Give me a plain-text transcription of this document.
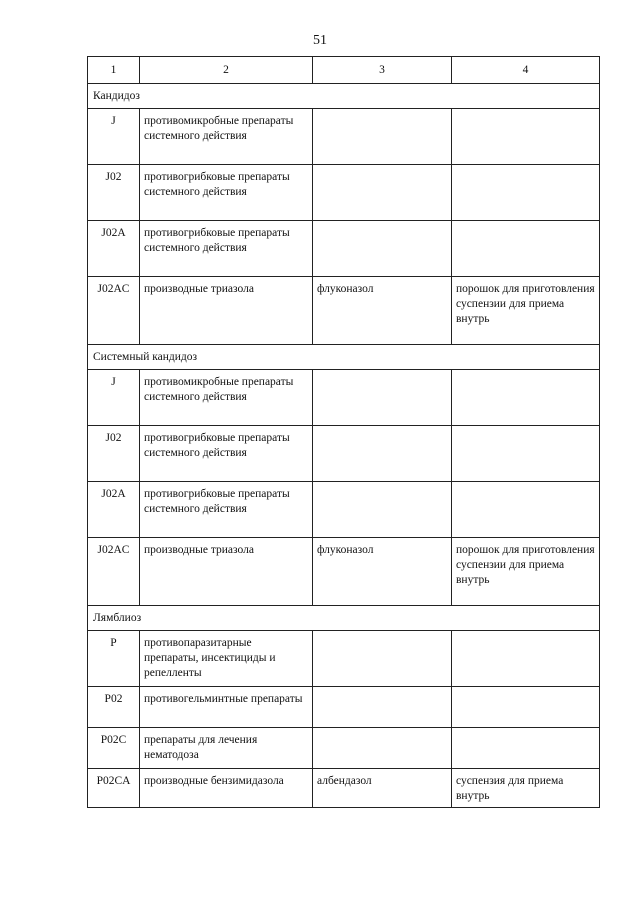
51
1	2	3	4
Кандидоз			
J	противомикробные препараты системного действия		
J02	противогрибковые препараты системного действия		
J02A	противогрибковые препараты системного действия		
J02AC	производные триазола	флуконазол	порошок для приготовления суспензии для приема внутрь
Системный кандидоз			
J	противомикробные препараты системного действия		
J02	противогрибковые препараты системного действия		
J02A	противогрибковые препараты системного действия		
J02AC	производные триазола	флуконазол	порошок для приготовления суспензии для приема внутрь
Лямблиоз			
P	противопаразитарные препараты, инсектициды и репелленты		
P02	противогельминтные препараты		
P02C	препараты для лечения нематодоза		
P02CA	производные бензимидазола	албендазол	суспензия для приема внутрь
